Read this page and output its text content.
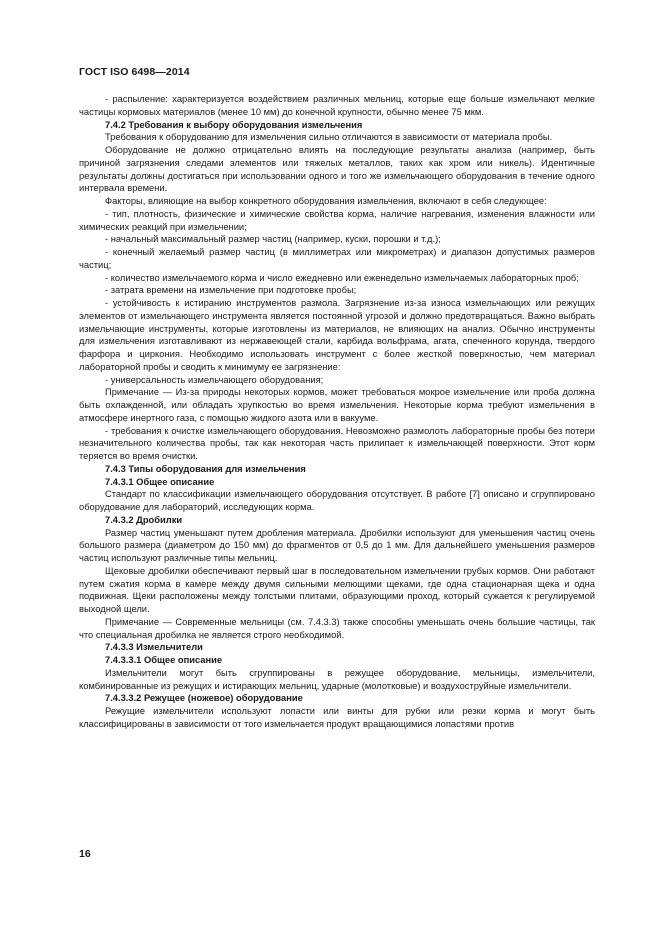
ГОСТ ISO 6498—2014

- распыление: характеризуется воздействием различных мельниц, которые еще больше измельчают мелкие частицы кормовых материалов (менее 10 мм) до конечной крупности, обычно менее 75 мкм.

7.4.2 Требования к выбору оборудования измельчения

Требования к оборудованию для измельчения сильно отличаются в зависимости от материала пробы.

Оборудование не должно отрицательно влиять на последующие результаты анализа (например, быть причиной загрязнения следами элементов или тяжелых металлов, таких как хром или никель). Идентичные результаты должны достигаться при использовании одного и того же измельчающего оборудования в течение одного интервала времени.

Факторы, влияющие на выбор конкретного оборудования измельчения, включают в себя следующее:

- тип, плотность, физические и химические свойства корма, наличие нагревания, изменения влажности или химических реакций при измельчении;

- начальный максимальный размер частиц (например, куски, порошки и т.д.);

- конечный желаемый размер частиц (в миллиметрах или микрометрах) и диапазон допустимых размеров частиц;

- количество измельчаемого корма и число ежедневно или еженедельно измельчаемых лабораторных проб;

- затрата времени на измельчение при подготовке пробы;

- устойчивость к истиранию инструментов размола. Загрязнение из-за износа измельчающих или режущих элементов от измельчающего инструмента является постоянной угрозой и должно предотвращаться. Важно выбрать измельчающие инструменты, которые изготовлены из материалов, не влияющих на анализ. Обычно инструменты для измельчения изготавливают из нержавеющей стали, карбида вольфрама, агата, спеченного корунда, твердого фарфора и циркония. Необходимо использовать инструмент с более жесткой поверхностью, чем материал лабораторной пробы и сводить к минимуму ее загрязнение:

- универсальность измельчающего оборудования;

Примечание — Из-за природы некоторых кормов, может требоваться мокрое измельчение или проба должна быть охлажденной, или обладать хрупкостью во время измельчения. Некоторые корма требуют измельчения в атмосфере инертного газа, с помощью жидкого азота или в вакууме.

- требования к очистке измельчающего оборудования. Невозможно размолоть лабораторные пробы без потери незначительного количества пробы, так как некоторая часть прилипает к измельчающей поверхности. Этот корм теряется во время очистки.

7.4.3 Типы оборудования для измельчения

7.4.3.1 Общее описание

Стандарт по классификации измельчающего оборудования отсутствует. В работе [7] описано и сгруппировано оборудование для лабораторий, исследующих корма.

7.4.3.2 Дробилки

Размер частиц уменьшают путем дробления материала. Дробилки используют для уменьшения частиц очень большого размера (диаметром до 150 мм) до фрагментов от 0,5 до 1 мм. Для дальнейшего уменьшения размеров частиц используют различные типы мельниц.

Щековые дробилки обеспечивают первый шаг в последовательном измельчении грубых кормов. Они работают путем сжатия корма в камере между двумя сильными мелющими щеками, где одна стационарная щека и одна подвижная. Щеки расположены между толстыми плитами, образующими проход, который сужается к регулируемой выходной щели.

Примечание — Современные мельницы (см. 7.4.3.3) также способны уменьшать очень большие частицы, так что специальная дробилка не является строго необходимой.

7.4.3.3 Измельчители

7.4.3.3.1 Общее описание

Измельчители могут быть сгруппированы в режущее оборудование, мельницы, измельчители, комбинированные из режущих и истирающих мельниц, ударные (молотковые) и воздухоструйные измельчители.

7.4.3.3.2 Режущее (ножевое) оборудование

Режущие измельчители используют лопасти или винты для рубки или резки корма и могут быть классифицированы в зависимости от того измельчается продукт вращающимися лопастями против

16
